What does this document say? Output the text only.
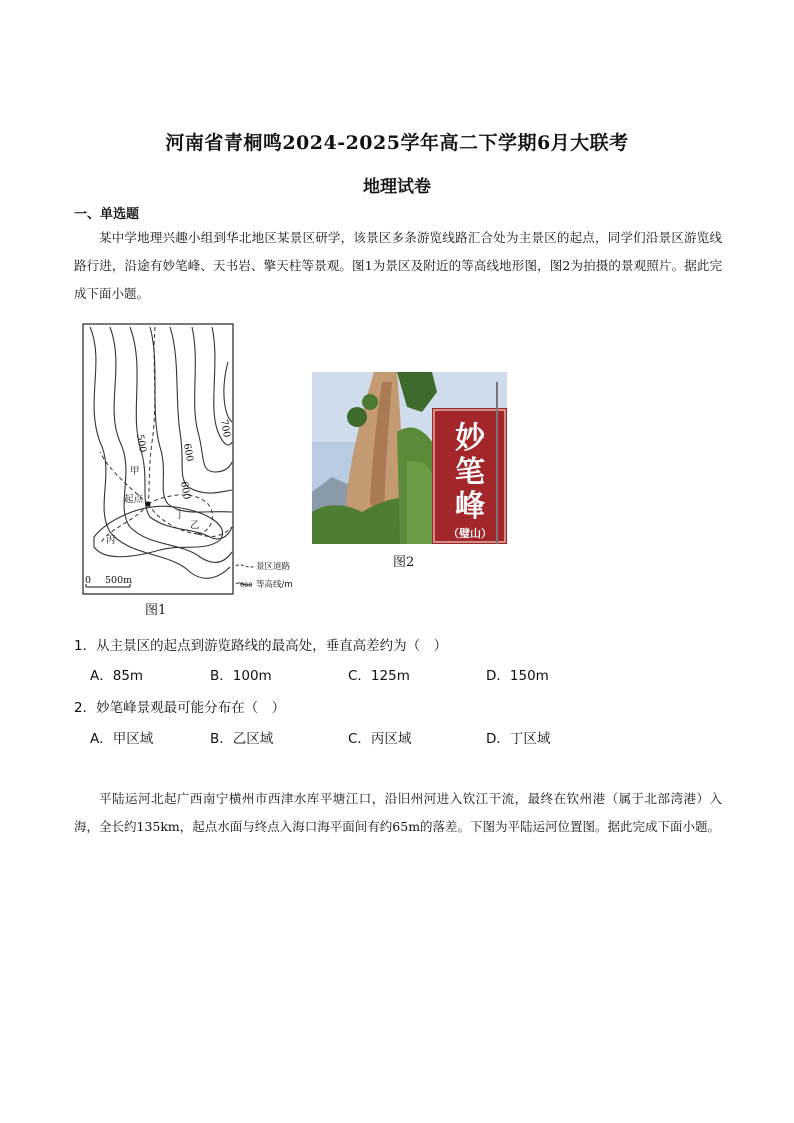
河南省青桐鸣2024-2025学年高二下学期6月大联考
地理试卷
一、单选题
某中学地理兴趣小组到华北地区某景区研学，该景区多条游览线路汇合处为主景区的起点，同学们沿景区游览线路行进，沿途有妙笔峰、天书岩、擎天柱等景观。图1为景区及附近的等高线地形图，图2为拍摄的景观照片。据此完成下面小题。
500	600
700
600
甲
起点
丁
丙
乙
0 500m
景区道路
600 等高线/m
图1
妙
笔
峰
（璧山）
图2
1．从主景区的起点到游览路线的最高处，垂直高差约为（　）
A．85m	B．100m	C．125m	D．150m
2．妙笔峰景观最可能分布在（　）
A．甲区域	B．乙区域	C．丙区域	D．丁区域
平陆运河北起广西南宁横州市西津水库平塘江口，沿旧州河进入钦江干流，最终在钦州港（属于北部湾港）入海，全长约135km，起点水面与终点入海口海平面间有约65m的落差。下图为平陆运河位置图。据此完成下面小题。
